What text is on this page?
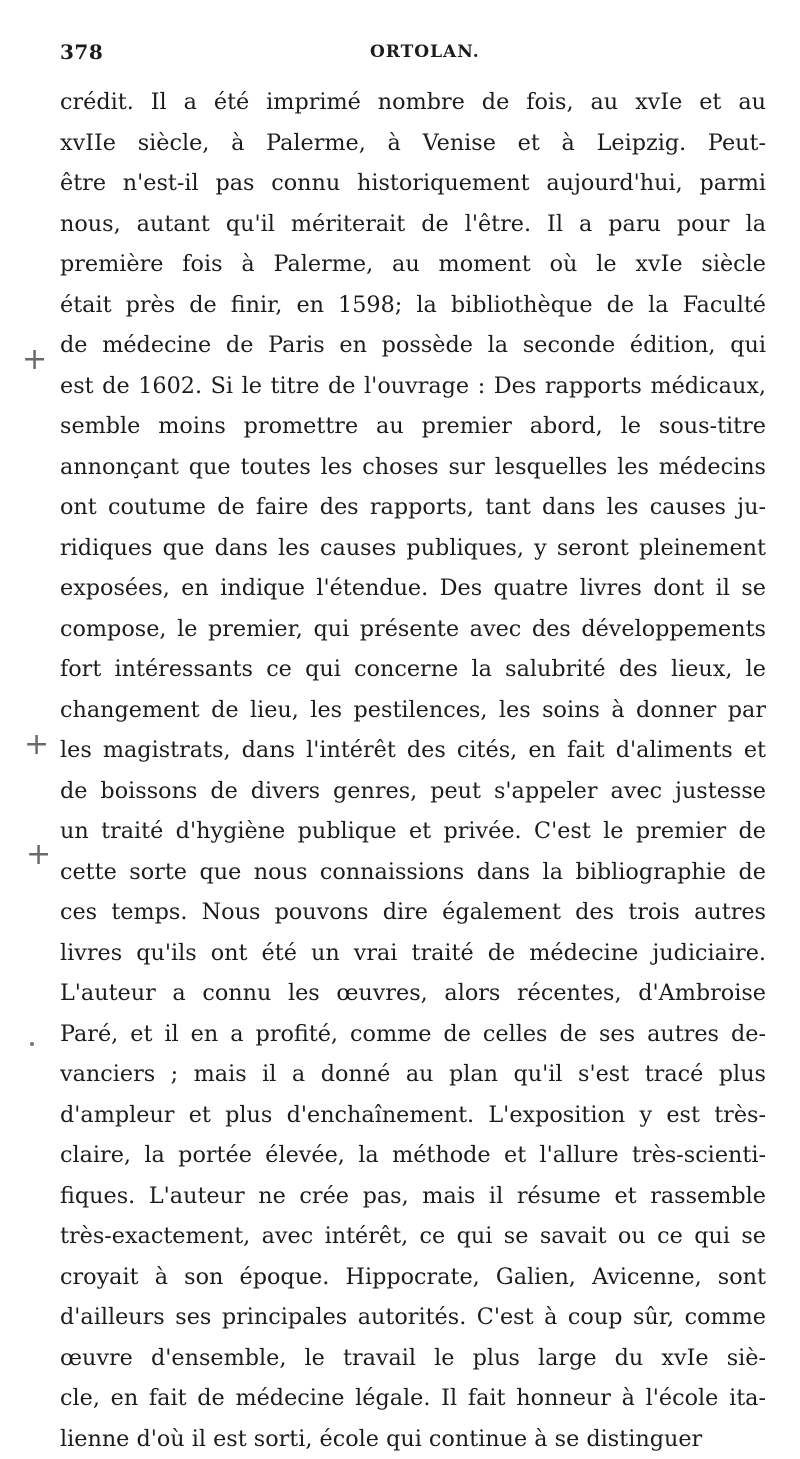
378	ORTOLAN.
crédit. Il a été imprimé nombre de fois, au xvIe et au
xvIIe siècle, à Palerme, à Venise et à Leipzig. Peut-
être n'est-il pas connu historiquement aujourd'hui, parmi
nous, autant qu'il mériterait de l'être. Il a paru pour la
première fois à Palerme, au moment où le xvIe siècle
était près de finir, en 1598; la bibliothèque de la Faculté
de médecine de Paris en possède la seconde édition, qui
est de 1602. Si le titre de l'ouvrage : Des rapports médicaux,
semble moins promettre au premier abord, le sous-titre
annonçant que toutes les choses sur lesquelles les médecins
ont coutume de faire des rapports, tant dans les causes ju-
ridiques que dans les causes publiques, y seront pleinement
exposées, en indique l'étendue. Des quatre livres dont il se
compose, le premier, qui présente avec des développements
fort intéressants ce qui concerne la salubrité des lieux, le
changement de lieu, les pestilences, les soins à donner par
les magistrats, dans l'intérêt des cités, en fait d'aliments et
de boissons de divers genres, peut s'appeler avec justesse
un traité d'hygiène publique et privée. C'est le premier de
cette sorte que nous connaissions dans la bibliographie de
ces temps. Nous pouvons dire également des trois autres
livres qu'ils ont été un vrai traité de médecine judiciaire.
L'auteur a connu les œuvres, alors récentes, d'Ambroise
Paré, et il en a profité, comme de celles de ses autres de-
vanciers ; mais il a donné au plan qu'il s'est tracé plus
d'ampleur et plus d'enchaînement. L'exposition y est très-
claire, la portée élevée, la méthode et l'allure très-scienti-
fiques. L'auteur ne crée pas, mais il résume et rassemble
très-exactement, avec intérêt, ce qui se savait ou ce qui se
croyait à son époque. Hippocrate, Galien, Avicenne, sont
d'ailleurs ses principales autorités. C'est à coup sûr, comme
œuvre d'ensemble, le travail le plus large du xvIe siè-
cle, en fait de médecine légale. Il fait honneur à l'école ita-
lienne d'où il est sorti, école qui continue à se distinguer
+
+
+
